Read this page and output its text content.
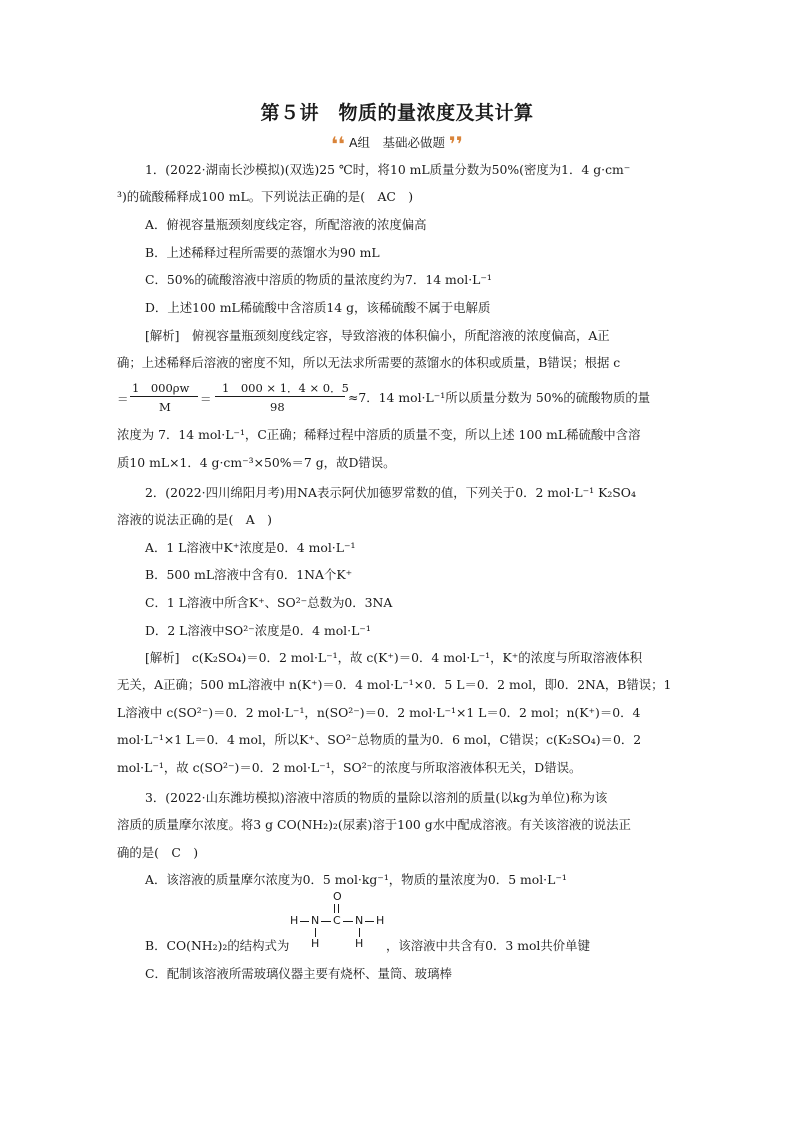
第５讲　物质的量浓度及其计算
❛❛ A组　基础必做题 ❜❜
1．(2022·湖南长沙模拟)(双选)25 ℃时，将10 mL质量分数为50%(密度为1．4 g·cm⁻
³)的硫酸稀释成100 mL。下列说法正确的是(　AC　)
A．俯视容量瓶颈刻度线定容，所配溶液的浓度偏高
B．上述稀释过程所需要的蒸馏水为90 mL
C．50%的硫酸溶液中溶质的物质的量浓度约为7．14 mol·L⁻¹
D．上述100 mL稀硫酸中含溶质14 g，该稀硫酸不属于电解质
[解析]　俯视容量瓶颈刻度线定容，导致溶液的体积偏小，所配溶液的浓度偏高，A正
确；上述稀释后溶液的密度不知，所以无法求所需要的蒸馏水的体积或质量，B错误；根据 c
＝
1　000ρw
M
＝
1　000 × 1．4 × 0．5
98
≈7．14 mol·L⁻¹所以质量分数为 50%的硫酸物质的量
浓度为 7．14 mol·L⁻¹，C正确；稀释过程中溶质的质量不变，所以上述 100 mL稀硫酸中含溶
质10 mL×1．4 g·cm⁻³×50%＝7 g，故D错误。
2．(2022·四川绵阳月考)用NA表示阿伏加德罗常数的值，下列关于0．2 mol·L⁻¹ K₂SO₄
溶液的说法正确的是(　A　)
A．1 L溶液中K⁺浓度是0．4 mol·L⁻¹
B．500 mL溶液中含有0．1NA个K⁺
C．1 L溶液中所含K⁺、SO²⁻总数为0．3NA
D．2 L溶液中SO²⁻浓度是0．4 mol·L⁻¹
[解析]　c(K₂SO₄)＝0．2 mol·L⁻¹，故 c(K⁺)＝0．4 mol·L⁻¹，K⁺的浓度与所取溶液体积
无关，A正确；500 mL溶液中 n(K⁺)＝0．4 mol·L⁻¹×0．5 L＝0．2 mol，即0．2NA，B错误；1
L溶液中 c(SO²⁻)＝0．2 mol·L⁻¹，n(SO²⁻)＝0．2 mol·L⁻¹×1 L＝0．2 mol；n(K⁺)＝0．4
mol·L⁻¹×1 L＝0．4 mol，所以K⁺、SO²⁻总物质的量为0．6 mol，C错误；c(K₂SO₄)＝0．2
mol·L⁻¹，故 c(SO²⁻)＝0．2 mol·L⁻¹，SO²⁻的浓度与所取溶液体积无关，D错误。
3．(2022·山东潍坊模拟)溶液中溶质的物质的量除以溶剂的质量(以kg为单位)称为该
溶质的质量摩尔浓度。将3 g CO(NH₂)₂(尿素)溶于100 g水中配成溶液。有关该溶液的说法正
确的是(　C　)
A．该溶液的质量摩尔浓度为0．5 mol·kg⁻¹，物质的量浓度为0．5 mol·L⁻¹
O
H N C N H
H	H
B．CO(NH₂)₂的结构式为	，该溶液中共含有0．3 mol共价单键
C．配制该溶液所需玻璃仪器主要有烧杯、量筒、玻璃棒
